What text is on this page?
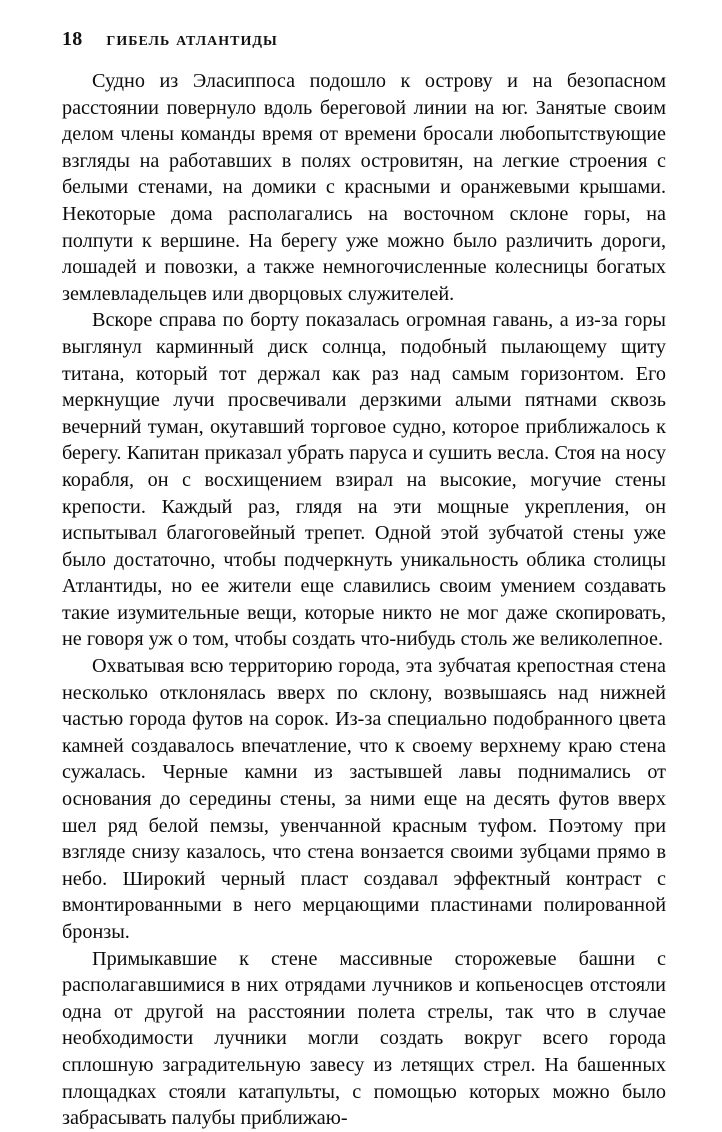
18 гибель атлантиды

Судно из Эласиппоса подошло к острову и на безопасном расстоянии повернуло вдоль береговой линии на юг. Занятые своим делом члены команды время от времени бросали любопытствующие взгляды на работавших в полях островитян, на легкие строения с белыми стенами, на домики с красными и оранжевыми крышами. Некоторые дома располагались на восточном склоне горы, на полпути к вершине. На берегу уже можно было различить дороги, лошадей и повозки, а также немногочисленные колесницы богатых землевладельцев или дворцовых служителей.

Вскоре справа по борту показалась огромная гавань, а из-за горы выглянул карминный диск солнца, подобный пылающему щиту титана, который тот держал как раз над самым горизонтом. Его меркнущие лучи просвечивали дерзкими алыми пятнами сквозь вечерний туман, окутавший торговое судно, которое приближалось к берегу. Капитан приказал убрать паруса и сушить весла. Стоя на носу корабля, он с восхищением взирал на высокие, могучие стены крепости. Каждый раз, глядя на эти мощные укрепления, он испытывал благоговейный трепет. Одной этой зубчатой стены уже было достаточно, чтобы подчеркнуть уникальность облика столицы Атлантиды, но ее жители еще славились своим умением создавать такие изумительные вещи, которые никто не мог даже скопировать, не говоря уж о том, чтобы создать что-нибудь столь же великолепное.

Охватывая всю территорию города, эта зубчатая крепостная стена несколько отклонялась вверх по склону, возвышаясь над нижней частью города футов на сорок. Из-за специально подобранного цвета камней создавалось впечатление, что к своему верхнему краю стена сужалась. Черные камни из застывшей лавы поднимались от основания до середины стены, за ними еще на десять футов вверх шел ряд белой пемзы, увенчанной красным туфом. Поэтому при взгляде снизу казалось, что стена вонзается своими зубцами прямо в небо. Широкий черный пласт создавал эффектный контраст с вмонтированными в него мерцающими пластинами полированной бронзы.

Примыкавшие к стене массивные сторожевые башни с располагавшимися в них отрядами лучников и копьеносцев отстояли одна от другой на расстоянии полета стрелы, так что в случае необходимости лучники могли создать вокруг всего города сплошную заградительную завесу из летящих стрел. На башенных площадках стояли катапульты, с помощью которых можно было забрасывать палубы приближаю-
